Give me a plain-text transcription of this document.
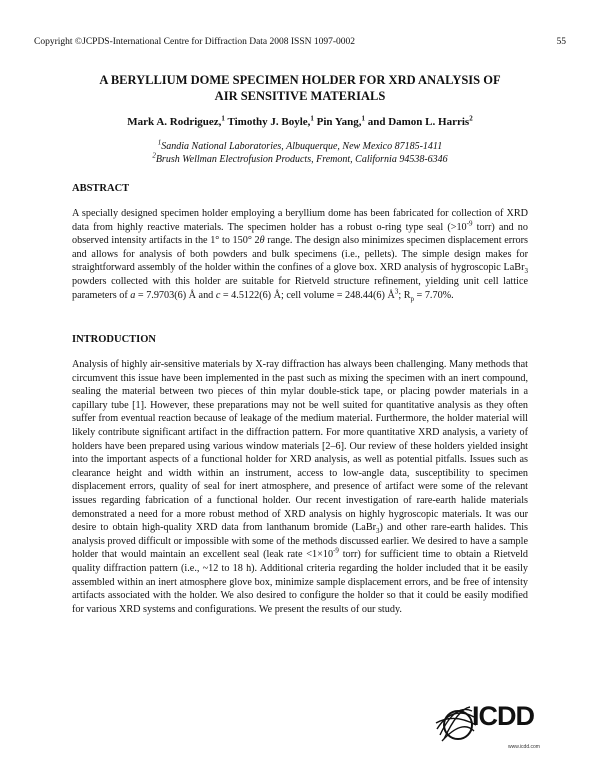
Copyright ©JCPDS-International Centre for Diffraction Data 2008 ISSN 1097-0002	55
A BERYLLIUM DOME SPECIMEN HOLDER FOR XRD ANALYSIS OF
AIR SENSITIVE MATERIALS
Mark A. Rodriguez,$^1$ Timothy J. Boyle,$^1$ Pin Yang,$^1$ and Damon L. Harris$^2$
$^1$Sandia National Laboratories, Albuquerque, New Mexico 87185-1411
$^2$Brush Wellman Electrofusion Products, Fremont, California 94538-6346
ABSTRACT

A specially designed specimen holder employing a beryllium dome has been fabricated for collection of XRD data from highly reactive materials. The specimen holder has a robust o-ring type seal ($>10^{-9}$ torr) and no observed intensity artifacts in the 1° to 150° 2θ range. The design also minimizes specimen displacement errors and allows for analysis of both powders and bulk specimens (i.e., pellets). The simple design makes for straightforward assembly of the holder within the confines of a glove box. XRD analysis of hygroscopic LaBr$_3$ powders collected with this holder are suitable for Rietveld structure refinement, yielding unit cell lattice parameters of a = 7.9703(6) Å and c = 4.5122(6) Å; cell volume = 248.44(6) $Å^3$; $R_p = 7.70\%$.

INTRODUCTION

Analysis of highly air-sensitive materials by X-ray diffraction has always been challenging. Many methods that circumvent this issue have been implemented in the past such as mixing the specimen with an inert compound, sealing the material between two pieces of thin mylar double-stick tape, or placing powder materials in a capillary tube [1]. However, these preparations may not be well suited for quantitative analysis as they often suffer from eventual reaction because of leakage of the medium material. Furthermore, the holder material will likely contribute significant artifact in the diffraction pattern. For more quantitative XRD analysis, a variety of holders have been prepared using various window materials [2–6]. Our review of these holders yielded insight into the important aspects of a functional holder for XRD analysis, as well as potential pitfalls. Issues such as clearance height and width within an instrument, access to low-angle data, susceptibility to specimen displacement errors, quality of seal for inert atmosphere, and presence of artifact were some of the relevant issues regarding fabrication of a functional holder. Our recent investigation of rare-earth halide materials demonstrated a need for a more robust method of XRD analysis on highly hygroscopic materials. It was our desire to obtain high-quality XRD data from lanthanum bromide (LaBr$_3$) and other rare-earth halides. This analysis proved difficult or impossible with some of the methods discussed earlier. We desired to have a sample holder that would maintain an excellent seal (leak rate $<1\times 10^{-9}$ torr) for sufficient time to obtain a Rietveld quality diffraction pattern (i.e., ~12 to 18 h). Additional criteria regarding the holder included that it be easily assembled within an inert atmosphere glove box, minimize sample displacement errors, and be free of intensity artifacts associated with the holder. We also desired to configure the holder so that it could be easily modified for various XRD systems and configurations. We present the results of our study.

ICDD
www.icdd.com
